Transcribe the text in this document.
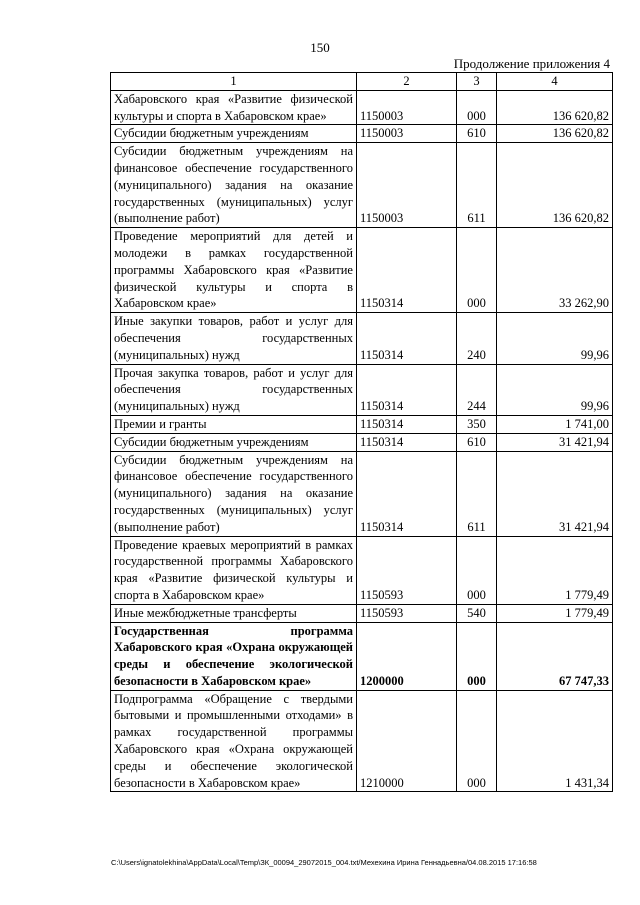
150
Продолжение приложения 4
1	2	3	4
Хабаровского края «Развитие физической культуры и спорта в Хабаровском крае»	1150003	000	136 620,82
Субсидии бюджетным учреждениям	1150003	610	136 620,82
Субсидии бюджетным учреждениям на финансовое обеспечение государственного (муниципального) задания на оказание государственных (муниципальных) услуг (выполнение работ)	1150003	611	136 620,82
Проведение мероприятий для детей и молодежи в рамках государственной программы Хабаровского края «Развитие физической культуры и спорта в Хабаровском крае»	1150314	000	33 262,90
Иные закупки товаров, работ и услуг для обеспечения государственных (муниципальных) нужд	1150314	240	99,96
Прочая закупка товаров, работ и услуг для обеспечения государственных (муниципальных) нужд	1150314	244	99,96
Премии и гранты	1150314	350	1 741,00
Субсидии бюджетным учреждениям	1150314	610	31 421,94
Субсидии бюджетным учреждениям на финансовое обеспечение государственного (муниципального) задания на оказание государственных (муниципальных) услуг (выполнение работ)	1150314	611	31 421,94
Проведение краевых мероприятий в рамках государственной программы Хабаровского края «Развитие физической культуры и спорта в Хабаровском крае»	1150593	000	1 779,49
Иные межбюджетные трансферты	1150593	540	1 779,49
Государственная программа Хабаровского края «Охрана окружающей среды и обеспечение экологической безопасности в Хабаровском крае»	1200000	000	67 747,33
Подпрограмма «Обращение с твердыми бытовыми и промышленными отходами» в рамках государственной программы Хабаровского края «Охрана окружающей среды и обеспечение экологической безопасности в Хабаровском крае»	1210000	000	1 431,34
C:\Users\ignatolekhina\AppData\Local\Temp\ЗК_00094_29072015_004.txt/Мехехина Ирина Геннадьевна/04.08.2015 17:16:58
